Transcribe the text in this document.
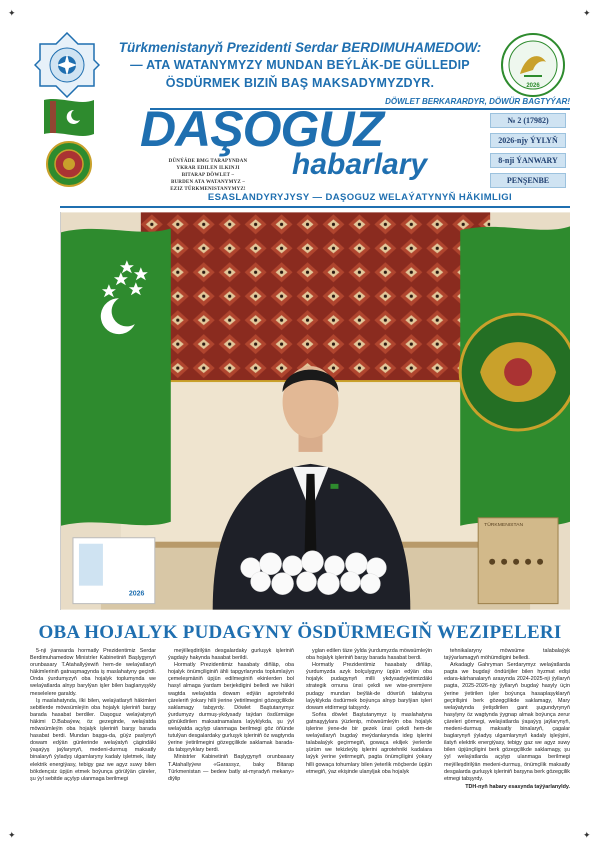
✦	✦
✦	✦
2026
Türkmenistanyň Prezidenti Serdar BERDIMUHAMEDOW:
— ATA WATANYMYZY MUNDAN BEÝLÄK-DE GÜLLEDIP
ÖSDÜRMEK BIZIŇ BAŞ MAKSADYMYZDYR.
DÖWLET BERKARARDYR, DÖWÜR BAGTYÝAR!
DAŞOGUZ
habarlary
DÜNÝÄDE BMG TARAPYNDAN
YKRAR EDILEN ILKINJI
BITARAP DÖWLET –
BURDEN ATA WATANYMYZ –
EZIZ TÜRKMENISTANYMYZ!
№ 2 (17982)
2026-njy ÝYLYŇ
8-nji ÝANWARY
PENŞENBE
ESASLANDYRYJYSY — DAŞOGUZ WELAÝATYNYŇ HÄKIMLIGI
2026
TÜRKMENISTAN
OBA HOJALYK PUDAGYNY ÖSDÜRMEGIŇ WEZIPELERI

5-nji ýanwarda hormatly Prezidentimiz Serdar Berdimuhamedow Ministrler Kabinetiniň Başlygynyň orunbasary T.Atahallyýewiň hem-de welaýatlaryň häkimleriniň gatnaşmagynda iş maslahatyny geçirdi. Onda ýurdumyzyň oba hojalyk toplumynda we welaýatlarda alnyp barylýan işler bilen baglanyşykly meselelere garaldy.

Iş maslahatynda, ilki bilen, welaýatlaryň häkimleri sebitlerde möwsümleýin oba hojalyk işleriniň barşy barada hasabat berdiler. Daşoguz welaýatynyň häkimi D.Babaýew, öz gezeginde, welaýatda möwsümleýin oba hojalyk işleriniň barşy barada hasabat berdi. Mundan başga-da, güýz paslynyň dowam edýän günlerinde welaýatyň çägindäki ýaşaýyş jaýlarynyň, medeni-durmuş maksatly binalaryň ýyladyş ulgamlaryny kadaly işletmek, ilaty elektrik energiýasy, tebigy gaz we agyz suwy bilen bökdençsiz üpjün etmek boýunça görülýän çäreler, şu ýyl sebitde açylyp ulanmaga berilmegi

meýilleşdirilýän desgalardaky gurluşyk işleriniň ýagdaýy hakynda hasabat berildi.

Hormatly Prezidentimiz hasabaty diňläp, oba hojalyk önümçiliginiň ähli tapgyrlarynda toplumlaýyn çemeleşmäniň üpjün edilmeginiň ekinlerden bol hasyl almaga ýardam berjekdigini belledi we häkiri wagtda welaýatda dowam edýän agrotehniki çäreleriň ýokary hilli ýerine ýetirilmegini gözegçilikde saklamagy tabşyrdy. Döwlet Baştutanymyz ýurdumyzy durmuş-ykdysady taýdan ösdürmäge gönükdirilen maksatnamalara laýyklykda, şu ýyl welaýatda açylyp ulanmaga berilmegi göz öňünde tutulýan desgalardaky gurluşyk işleriniň öz wagtynda ýerine ýetirilmegini gözegçilikde saklamak barada-da tabşyryklary berdi.

Ministrler Kabinetiniň Başlygynyň orunbasary T.Atahallyýew «Garassyz, baky Bitarap Türkmenistan — bedew batly at-myradyň mekany» diýlip

yglan edilen täze ýylda ýurdumyzda möwsümleýin oba hojalyk işleriniň barşy barada hasabat berdi.

Hormatly Prezidentimiz hasabaty diňläp, ýurdumyzda azyk bolçulygyny üpjün edýän oba hojalyk pudagynyň milli ykdysadyýetimizdäki strategik ornuna ünsi çekdi we wise-premýere pudagy mundan beýläk-de döwrüň talabyna laýyklykda ösdürmek boýunça alnyp barylýan işleri dowam etdirmegi tabşyrdy.

Soňra döwlet Baştutanymyz iş maslahatyna gatnaşyjylara ýüzlenip, möwsümleýin oba hojalyk işlerine ýene-de bir gezek ünsi çekdi hem-de welaýatlaryň bugdaý meýdanlarynda ideg işlerini talabalaýyk geçirmegiň, gowaça ekiljek ýerlerde şürüm we tekizleýiş işlerini agrotehniki kadalara laýyk ýerine ýetirmegiň, pagta önümçiligini ýokary hilli gowaça tohumlary bilen ýeterlik möçberde üpjün etmegiň, ýaz ekişinde ulanyljak oba hojalyk

tehnikalaryny möwsüme talabalaýyk taýýarlamagyň möhümdigini belledi.

Arkadagly Gahryman Serdarymyz welaýatlarda pagta we bugdaý öndürijiler bilen hyzmat edişi edara-kärhanalaryň arasynda 2024-2025-nji ýyllaryň pagta, 2025-2026-njy ýyllaryň bugdaý hasyly üçin ýerine ýetirilen işler boýunça hasaplaşyklaryň geçirilişini berk gözegçilikde saklamagy, Mary welaýatynda ýetişdirilen gant şugundyrynyň hasylyny öz wagtynda ýygnap almak boýunça zerur çäreleri görmegi, welaýatlarda ýaşaýyş jaýlarynyň, medeni-durmuş maksatly binalaryň, çagalar baglarynyň ýyladyş ulgamlarynyň kadaly işleýşini, ilatyň elektrik energiýasy, tebigy gaz we agyz suwy bilen üpjünçiligini berk gözegçilikde saklamagy, şu ýyl welaýatlarda açylyp ulanmaga berilmegi meýilleşdirilýän medeni-durmuş, önümçilik maksatly desgalarda gurluşyk işleriniň barşyna berk gözegçilik etmegi tabşyrdy.

TDH-nyň habary esasynda taýýarlanyldy.
